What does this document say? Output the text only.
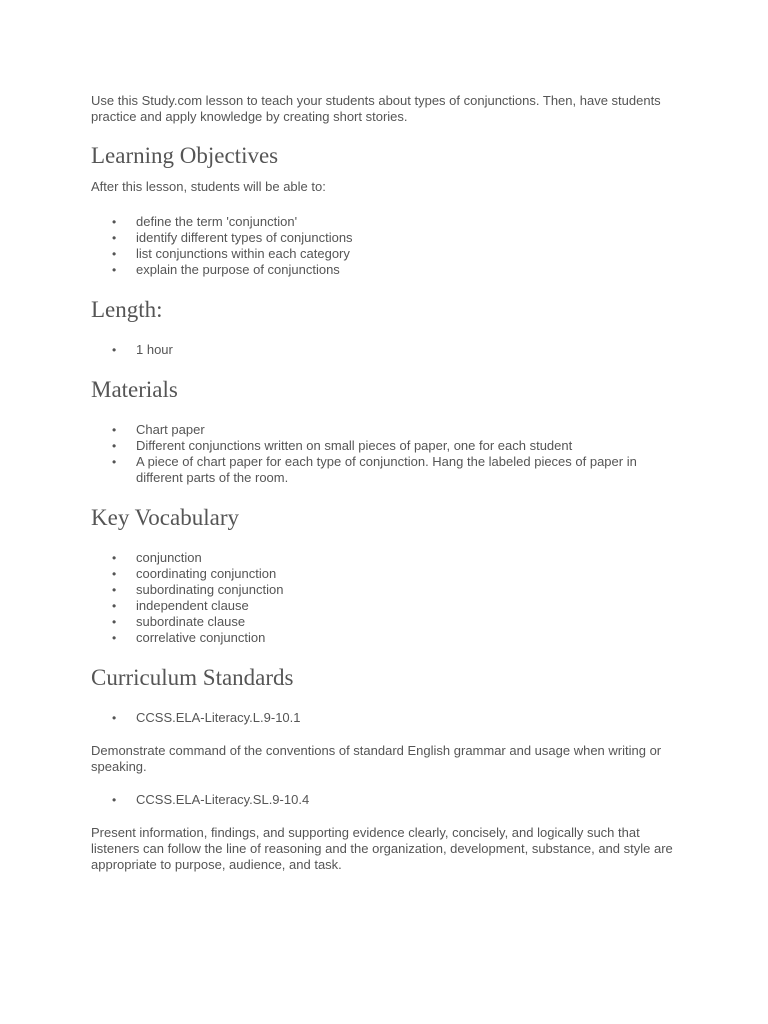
Use this Study.com lesson to teach your students about types of conjunctions. Then, have students practice and apply knowledge by creating short stories.

Learning Objectives

After this lesson, students will be able to:

• define the term 'conjunction'
• identify different types of conjunctions
• list conjunctions within each category
• explain the purpose of conjunctions
Length:
• 1 hour
Materials
• Chart paper
• Different conjunctions written on small pieces of paper, one for each student
• A piece of chart paper for each type of conjunction. Hang the labeled pieces of paper in different parts of the room.
Key Vocabulary
• conjunction
• coordinating conjunction
• subordinating conjunction
• independent clause
• subordinate clause
• correlative conjunction
Curriculum Standards
• CCSS.ELA-Literacy.L.9-10.1

Demonstrate command of the conventions of standard English grammar and usage when writing or speaking.

• CCSS.ELA-Literacy.SL.9-10.4

Present information, findings, and supporting evidence clearly, concisely, and logically such that listeners can follow the line of reasoning and the organization, development, substance, and style are appropriate to purpose, audience, and task.
